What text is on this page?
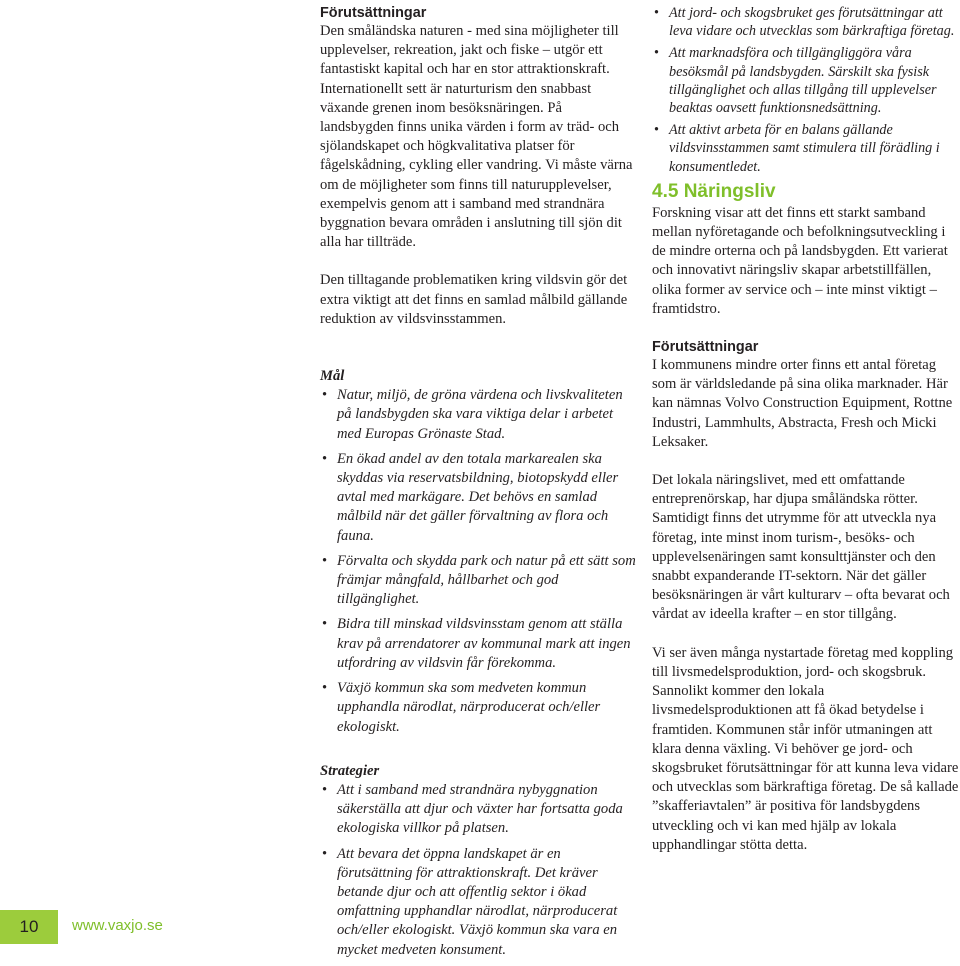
Förutsättningar

Den småländska naturen - med sina möjligheter till upplevelser, rekreation, jakt och fiske – utgör ett fantastiskt kapital och har en stor attraktionskraft. Internationellt sett är naturturism den snabbast växande grenen inom besöksnäringen. På landsbygden finns unika värden i form av träd- och sjölandskapet och högkvalitativa platser för fågelskådning, cykling eller vandring. Vi måste värna om de möjligheter som finns till naturupplevelser, exempelvis genom att i samband med strandnära byggnation bevara områden i anslutning till sjön dit alla har tillträde.

Den tilltagande problematiken kring vildsvin gör det extra viktigt att det finns en samlad målbild gällande reduktion av vildsvinsstammen.

Mål

• Natur, miljö, de gröna värdena och livskvaliteten på landsbygden ska vara viktiga delar i arbetet med Europas Grönaste Stad.
• En ökad andel av den totala markarealen ska skyddas via reservatsbildning, biotopskydd eller avtal med markägare. Det behövs en samlad målbild när det gäller förvaltning av flora och fauna.
• Förvalta och skydda park och natur på ett sätt som främjar mångfald, hållbarhet och god tillgänglighet.
• Bidra till minskad vildsvinsstam genom att ställa krav på arrendatorer av kommunal mark att ingen utfordring av vildsvin får förekomma.
• Växjö kommun ska som medveten kommun upphandla närodlat, närproducerat och/eller ekologiskt.

Strategier

• Att i samband med strandnära nybyggnation säkerställa att djur och växter har fortsatta goda ekologiska villkor på platsen.
• Att bevara det öppna landskapet är en förutsättning för attraktionskraft. Det kräver betande djur och att offentlig sektor i ökad omfattning upphandlar närodlat, närproducerat och/eller ekologiskt. Växjö kommun ska vara en mycket medveten konsument.
• Att jord- och skogsbruket ges förutsättningar att leva vidare och utvecklas som bärkraftiga företag.
• Att marknadsföra och tillgängliggöra våra besöksmål på landsbygden. Särskilt ska fysisk tillgänglighet och allas tillgång till upplevelser beaktas oavsett funktionsnedsättning.
• Att aktivt arbeta för en balans gällande vildsvinsstammen samt stimulera till förädling i konsumentledet.

4.5 Näringsliv

Forskning visar att det finns ett starkt samband mellan nyföretagande och befolkningsutveckling i de mindre orterna och på landsbygden. Ett varierat och innovativt näringsliv skapar arbetstillfällen, olika former av service och – inte minst viktigt – framtidstro.

Förutsättningar

I kommunens mindre orter finns ett antal företag som är världsledande på sina olika marknader. Här kan nämnas Volvo Construction Equipment, Rottne Industri, Lammhults, Abstracta, Fresh och Micki Leksaker.

Det lokala näringslivet, med ett omfattande entreprenörskap, har djupa småländska rötter. Samtidigt finns det utrymme för att utveckla nya företag, inte minst inom turism-, besöks- och upplevelsenäringen samt konsulttjänster och den snabbt expanderande IT-sektorn. När det gäller besöksnäringen är vårt kulturarv – ofta bevarat och vårdat av ideella krafter – en stor tillgång.

Vi ser även många nystartade företag med koppling till livsmedelsproduktion, jord- och skogsbruk. Sannolikt kommer den lokala livsmedelsproduktionen att få ökad betydelse i framtiden. Kommunen står inför utmaningen att klara denna växling. Vi behöver ge jord- och skogsbruket förutsättningar för att kunna leva vidare och utvecklas som bärkraftiga företag. De så kallade ”skafferiavtalen” är positiva för landsbygdens utveckling och vi kan med hjälp av lokala upphandlingar stötta detta.

10 www.vaxjo.se
